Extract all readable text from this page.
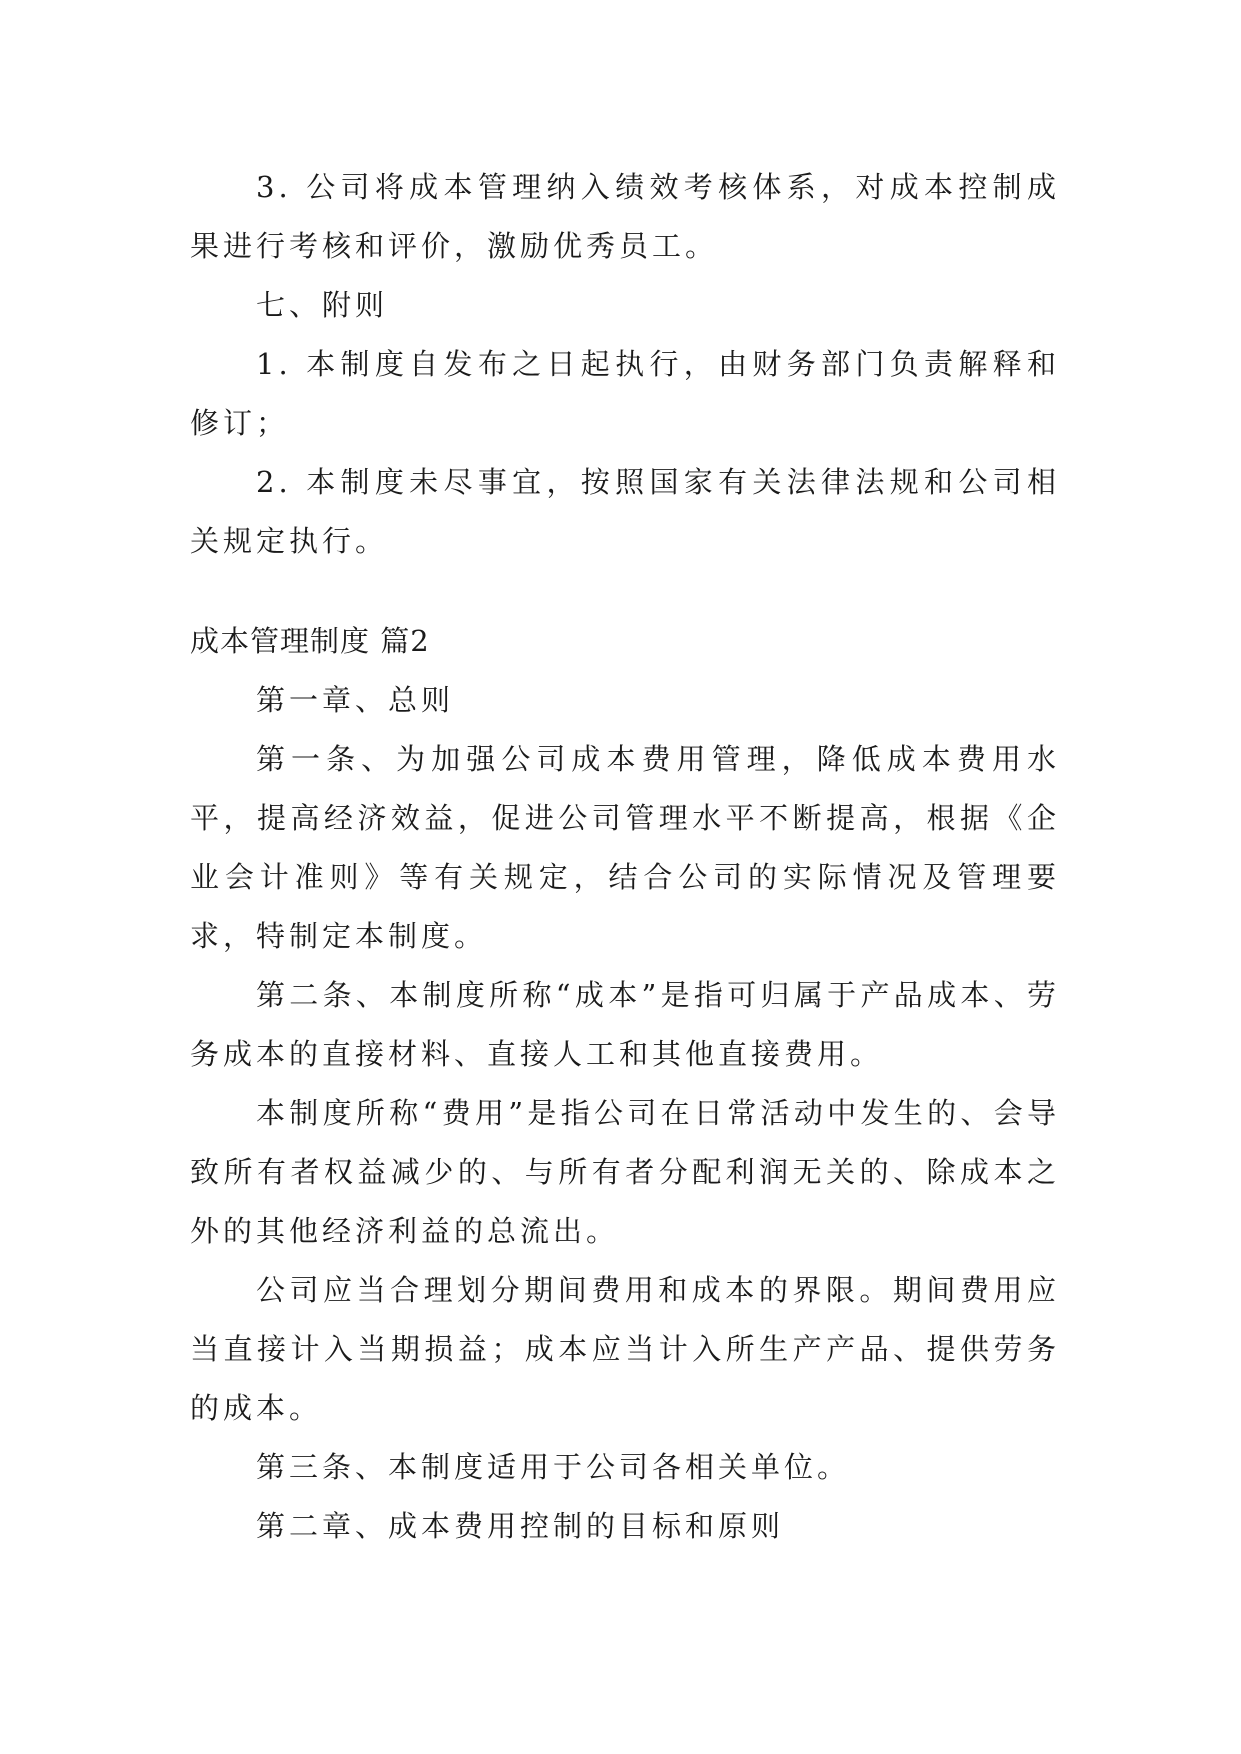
3. 公司将成本管理纳入绩效考核体系，对成本控制成果进行考核和评价，激励优秀员工。

七、附则

1. 本制度自发布之日起执行，由财务部门负责解释和修订；

2. 本制度未尽事宜，按照国家有关法律法规和公司相关规定执行。

成本管理制度 篇2

第一章、总则

第一条、为加强公司成本费用管理，降低成本费用水平，提高经济效益，促进公司管理水平不断提高，根据《企业会计准则》等有关规定，结合公司的实际情况及管理要求，特制定本制度。

第二条、本制度所称“成本”是指可归属于产品成本、劳务成本的直接材料、直接人工和其他直接费用。

本制度所称“费用”是指公司在日常活动中发生的、会导致所有者权益减少的、与所有者分配利润无关的、除成本之外的其他经济利益的总流出。

公司应当合理划分期间费用和成本的界限。期间费用应当直接计入当期损益；成本应当计入所生产产品、提供劳务的成本。

第三条、本制度适用于公司各相关单位。

第二章、成本费用控制的目标和原则
